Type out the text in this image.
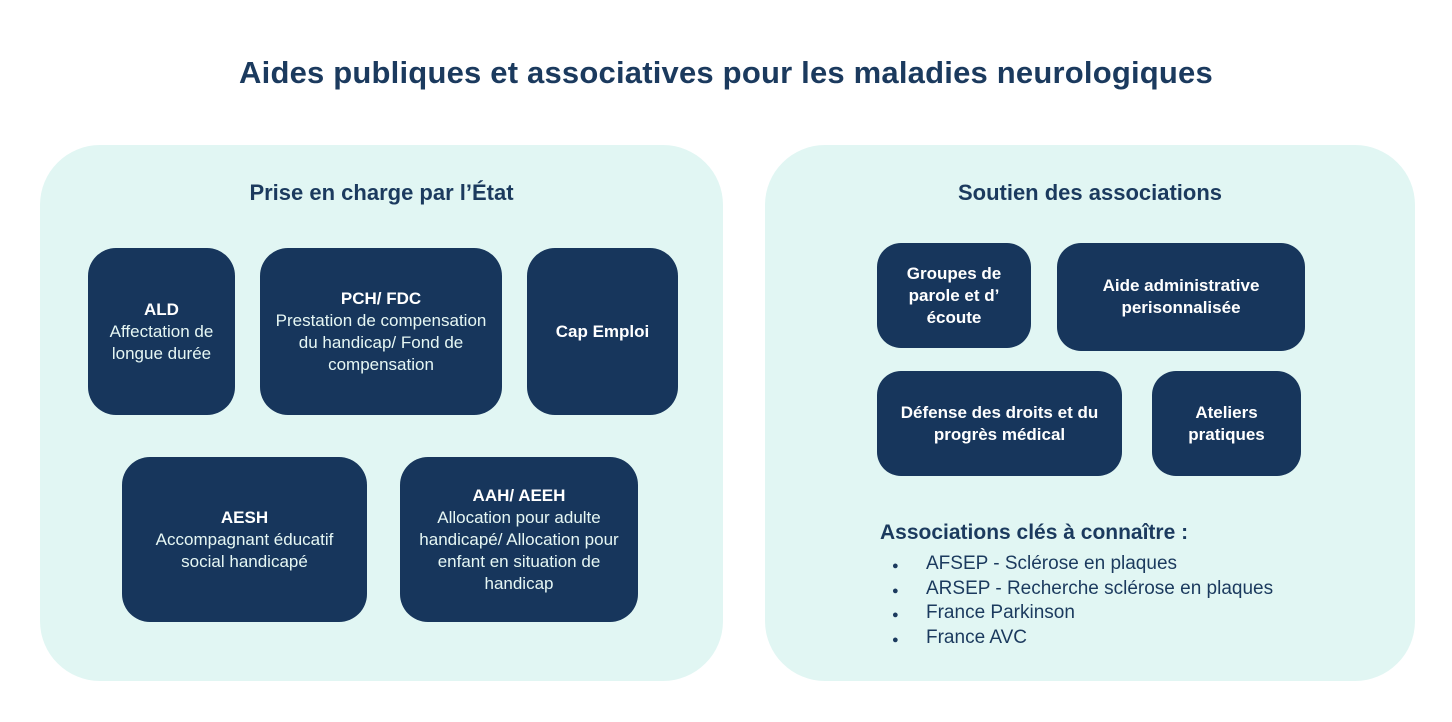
Aides publiques et associatives pour les maladies neurologiques
Prise en charge par l’État
ALD
Affectation de longue durée
PCH/ FDC
Prestation de compensation du handicap/ Fond de compensation
Cap Emploi
AESH
Accompagnant éducatif social handicapé
AAH/ AEEH
Allocation pour adulte handicapé/ Allocation pour enfant en situation de handicap
Soutien des associations
Groupes de parole et d’ écoute
Aide administrative perisonnalisée
Défense des droits et du progrès médical
Ateliers pratiques
Associations clés à connaître :
●	AFSEP - Sclérose en plaques
●	ARSEP - Recherche sclérose en plaques
●	France Parkinson
●	France AVC
